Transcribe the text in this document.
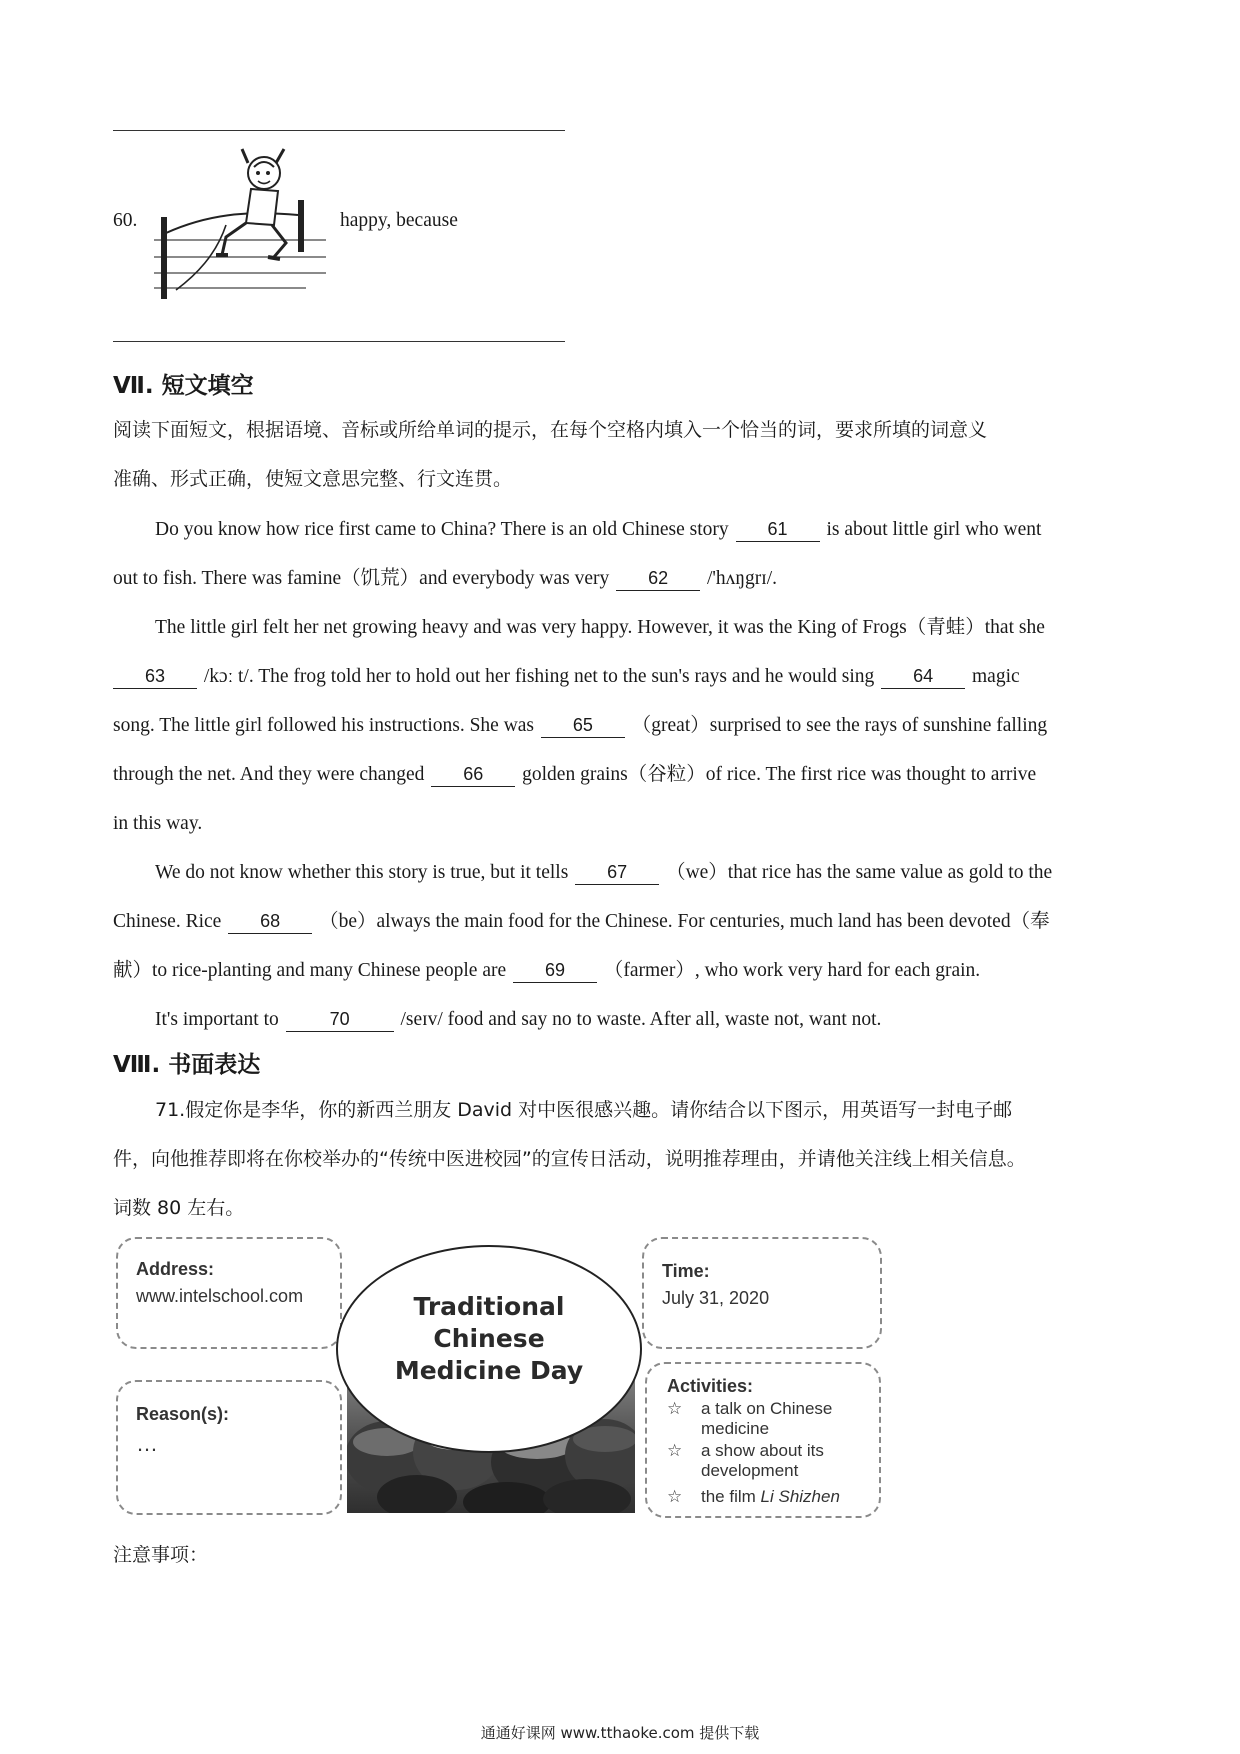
60.	happy, because
Ⅶ. 短文填空
阅读下面短文，根据语境、音标或所给单词的提示，在每个空格内填入一个恰当的词，要求所填的词意义
准确、形式正确，使短文意思完整、行文连贯。
Do you know how rice first came to China? There is an old Chinese story 61 is about little girl who went
out to fish. There was famine（饥荒）and everybody was very 62 /'hʌŋgrɪ/.
The little girl felt her net growing heavy and was very happy. However, it was the King of Frogs（青蛙）that she
63 /kɔː t/. The frog told her to hold out her fishing net to the sun's rays and he would sing 64 magic
song. The little girl followed his instructions. She was 65 （great）surprised to see the rays of sunshine falling
through the net. And they were changed 66 golden grains（谷粒）of rice. The first rice was thought to arrive
in this way.
We do not know whether this story is true, but it tells 67 （we）that rice has the same value as gold to the
Chinese. Rice 68 （be）always the main food for the Chinese. For centuries, much land has been devoted（奉
献）to rice-planting and many Chinese people are 69 （farmer）, who work very hard for each grain.
It's important to	70	/seɪv/ food and say no to waste. After all, waste not, want not.
Ⅷ. 书面表达
71.假定你是李华，你的新西兰朋友 David 对中医很感兴趣。请你结合以下图示，用英语写一封电子邮
件，向他推荐即将在你校举办的“传统中医进校园”的宣传日活动，说明推荐理由，并请他关注线上相关信息。
词数 80 左右。
Address:
www.intelschool.com
Reason(s):
…
Traditional
Chinese
Medicine Day
Time:
July 31, 2020
Activities:
☆	a talk on Chinese medicine
☆	a show about its development
☆	the film Li Shizhen
注意事项：
通通好课网 www.tthaoke.com 提供下载
